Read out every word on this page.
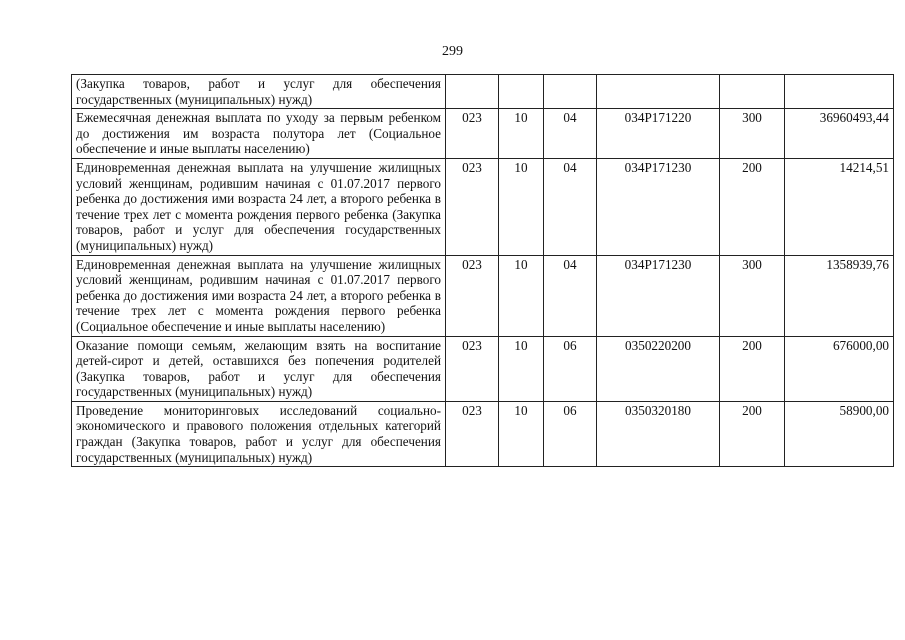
299
(Закупка товаров, работ и услуг для обеспечения государственных (муниципальных) нужд)						
Ежемесячная денежная выплата по уходу за первым ребенком до достижения им возраста полутора лет (Социальное обеспечение и иные выплаты населению)	023	10	04	034P171220	300	36960493,44
Единовременная денежная выплата на улучшение жилищных условий женщинам, родившим начиная с 01.07.2017 первого ребенка до достижения ими возраста 24 лет, а второго ребенка в течение трех лет с момента рождения первого ребенка (Закупка товаров, работ и услуг для обеспечения государственных (муниципальных) нужд)	023	10	04	034P171230	200	14214,51
Единовременная денежная выплата на улучшение жилищных условий женщинам, родившим начиная с 01.07.2017 первого ребенка до достижения ими возраста 24 лет, а второго ребенка в течение трех лет с момента рождения первого ребенка (Социальное обеспечение и иные выплаты населению)	023	10	04	034P171230	300	1358939,76
Оказание помощи семьям, желающим взять на воспитание детей-сирот и детей, оставшихся без попечения родителей (Закупка товаров, работ и услуг для обеспечения государственных (муниципальных) нужд)	023	10	06	0350220200	200	676000,00
Проведение мониторинговых исследований социально-экономического и правового положения отдельных категорий граждан (Закупка товаров, работ и услуг для обеспечения государственных (муниципальных) нужд)	023	10	06	0350320180	200	58900,00
